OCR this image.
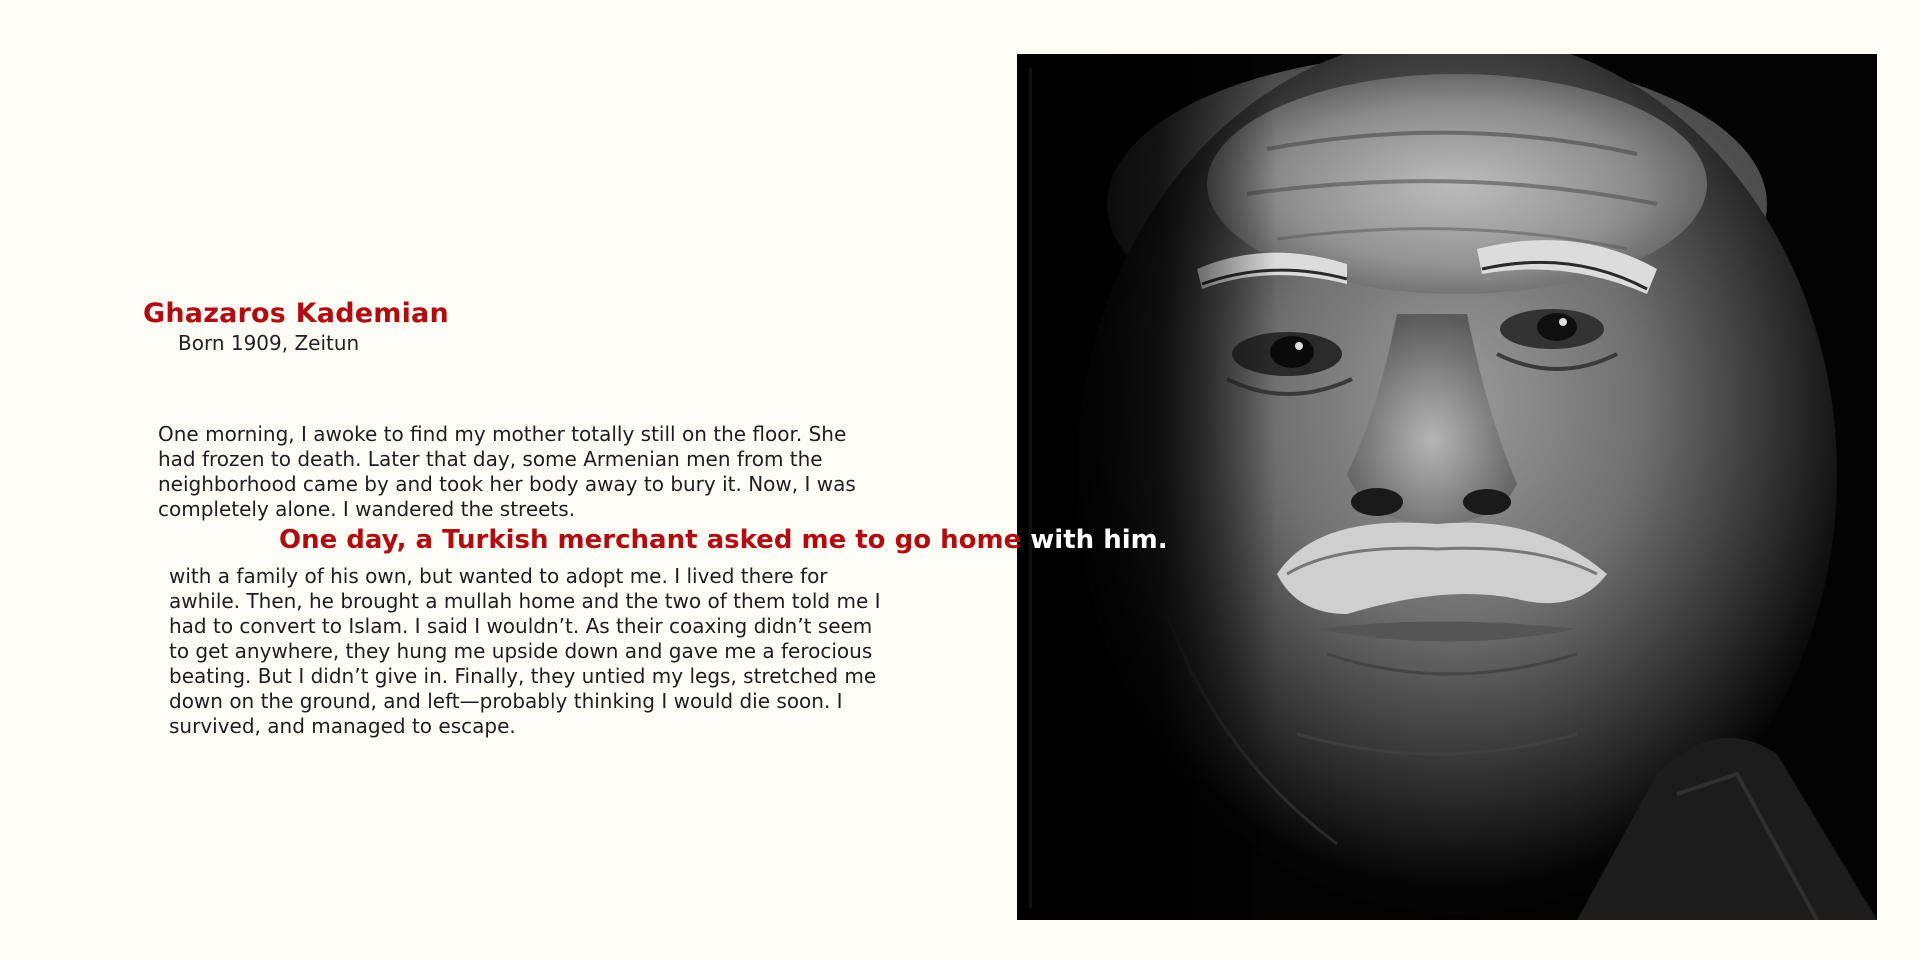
Ghazaros Kademian
Born 1909, Zeitun
One morning, I awoke to find my mother totally still on the floor. She
had frozen to death. Later that day, some Armenian men from the
neighborhood came by and took her body away to bury it. Now, I was
completely alone. I wandered the streets.
One day, a Turkish merchant asked me to go home with him.
with a family of his own, but wanted to adopt me. I lived there for
awhile. Then, he brought a mullah home and the two of them told me I
had to convert to Islam. I said I wouldn’t. As their coaxing didn’t seem
to get anywhere, they hung me upside down and gave me a ferocious
beating. But I didn’t give in. Finally, they untied my legs, stretched me
down on the ground, and left—probably thinking I would die soon. I
survived, and managed to escape.
